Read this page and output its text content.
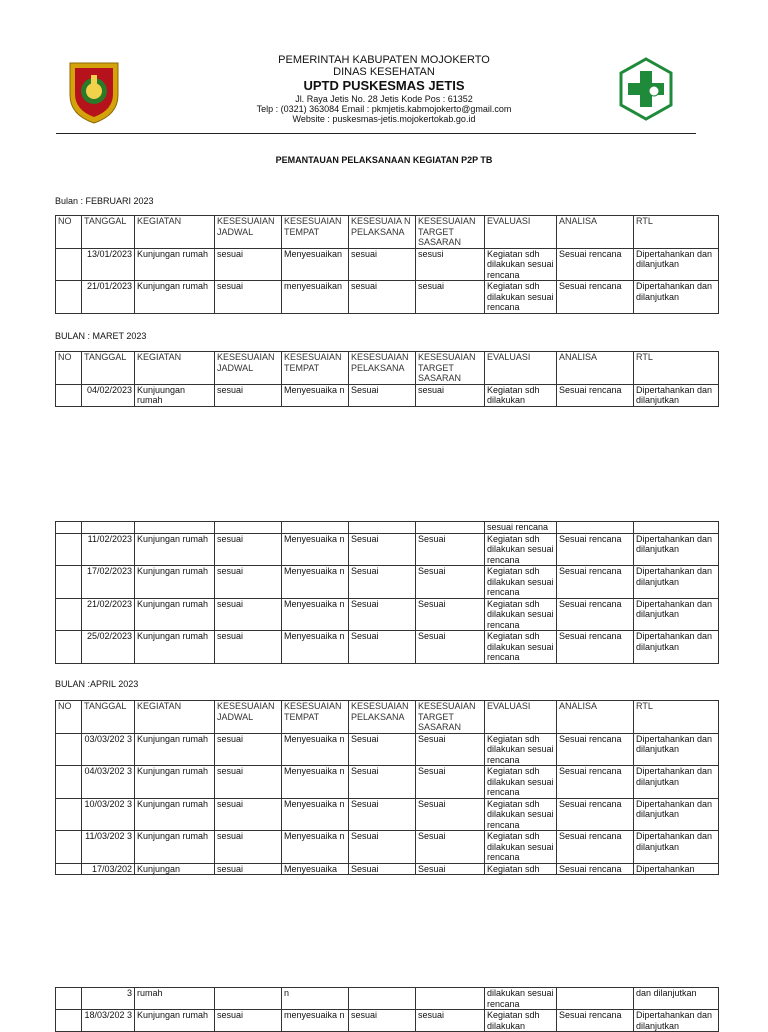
PEMERINTAH KABUPATEN MOJOKERTO
DINAS KESEHATAN
UPTD PUSKESMAS JETIS
Jl. Raya Jetis No. 28 Jetis Kode Pos : 61352
Telp : (0321) 363084 Email : pkmjetis.kabmojokerto@gmail.com
Website : puskesmas-jetis.mojokertokab.go.id
PEMANTAUAN PELAKSANAAN KEGIATAN P2P TB
Bulan : FEBRUARI 2023
NO	TANGGAL	KEGIATAN	KESESUAIAN JADWAL	KESESUAIAN TEMPAT	KESESUAIA N PELAKSANA	KESESUAIAN TARGET SASARAN	EVALUASI	ANALISA	RTL
	13/01/2023	Kunjungan rumah	sesuai	Menyesuaikan	sesuai	sesusi	Kegiatan sdh dilakukan sesuai rencana	Sesuai rencana	Dipertahankan dan dilanjutkan
	21/01/2023	Kunjungan rumah	sesuai	menyesuaikan	sesuai	sesuai	Kegiatan sdh dilakukan sesuai rencana	Sesuai rencana	Dipertahankan dan dilanjutkan
BULAN : MARET 2023
NO	TANGGAL	KEGIATAN	KESESUAIAN JADWAL	KESESUAIAN TEMPAT	KESESUAIAN PELAKSANA	KESESUAIAN TARGET SASARAN	EVALUASI	ANALISA	RTL
	04/02/2023	Kunjuungan rumah	sesuai	Menyesuaika n	Sesuai	sesuai	Kegiatan sdh dilakukan	Sesuai rencana	Dipertahankan dan dilanjutkan
							sesuai rencana		
	11/02/2023	Kunjungan rumah	sesuai	Menyesuaika n	Sesuai	Sesuai	Kegiatan sdh dilakukan sesuai rencana	Sesuai rencana	Dipertahankan dan dilanjutkan
	17/02/2023	Kunjungan rumah	sesuai	Menyesuaika n	Sesuai	Sesuai	Kegiatan sdh dilakukan sesuai rencana	Sesuai rencana	Dipertahankan dan dilanjutkan
	21/02/2023	Kunjungan rumah	sesuai	Menyesuaika n	Sesuai	Sesuai	Kegiatan sdh dilakukan sesuai rencana	Sesuai rencana	Dipertahankan dan dilanjutkan
	25/02/2023	Kunjungan rumah	sesuai	Menyesuaika n	Sesuai	Sesuai	Kegiatan sdh dilakukan sesuai rencana	Sesuai rencana	Dipertahankan dan dilanjutkan
BULAN :APRIL 2023
NO	TANGGAL	KEGIATAN	KESESUAIAN JADWAL	KESESUAIAN TEMPAT	KESESUAIAN PELAKSANA	KESESUAIAN TARGET SASARAN	EVALUASI	ANALISA	RTL
	03/03/202 3	Kunjungan rumah	sesuai	Menyesuaika n	Sesuai	Sesuai	Kegiatan sdh dilakukan sesuai rencana	Sesuai rencana	Dipertahankan dan dilanjutkan
	04/03/202 3	Kunjungan rumah	sesuai	Menyesuaika n	Sesuai	Sesuai	Kegiatan sdh dilakukan sesuai rencana	Sesuai rencana	Dipertahankan dan dilanjutkan
	10/03/202 3	Kunjungan rumah	sesuai	Menyesuaika n	Sesuai	Sesuai	Kegiatan sdh dilakukan sesuai rencana	Sesuai rencana	Dipertahankan dan dilanjutkan
	11/03/202 3	Kunjungan rumah	sesuai	Menyesuaika n	Sesuai	Sesuai	Kegiatan sdh dilakukan sesuai rencana	Sesuai rencana	Dipertahankan dan dilanjutkan
	17/03/202	Kunjungan	sesuai	Menyesuaika	Sesuai	Sesuai	Kegiatan sdh	Sesuai rencana	Dipertahankan
	3	rumah		n			dilakukan sesuai rencana		dan dilanjutkan
	18/03/202 3	Kunjungan rumah	sesuai	menyesuaika n	sesuai	sesuai	Kegiatan sdh dilakukan	Sesuai rencana	Dipertahankan dan dilanjutkan
